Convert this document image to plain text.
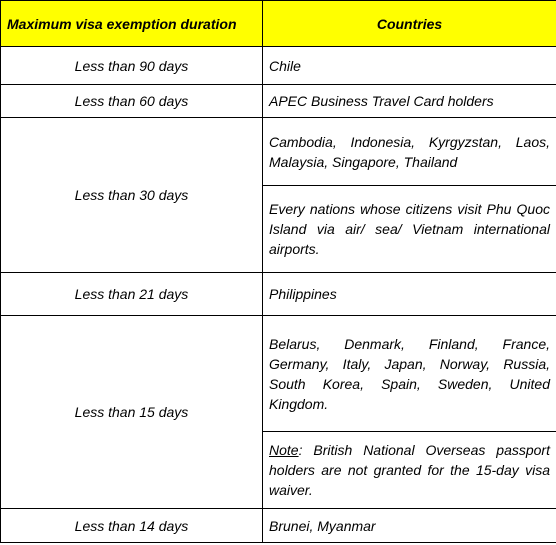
Maximum visa exemption duration	Countries
Less than 90 days	Chile
Less than 60 days	APEC Business Travel Card holders
Less than 30 days	Cambodia, Indonesia, Kyrgyzstan, Laos, Malaysia, Singapore, Thailand
	Every nations whose citizens visit Phu Quoc Island via air/ sea/ Vietnam international airports.
Less than 21 days	Philippines
Less than 15 days	Belarus, Denmark, Finland, France, Germany, Italy, Japan, Norway, Russia, South Korea, Spain, Sweden, United Kingdom.
	Note: British National Overseas passport holders are not granted for the 15-day visa waiver.
Less than 14 days	Brunei, Myanmar
